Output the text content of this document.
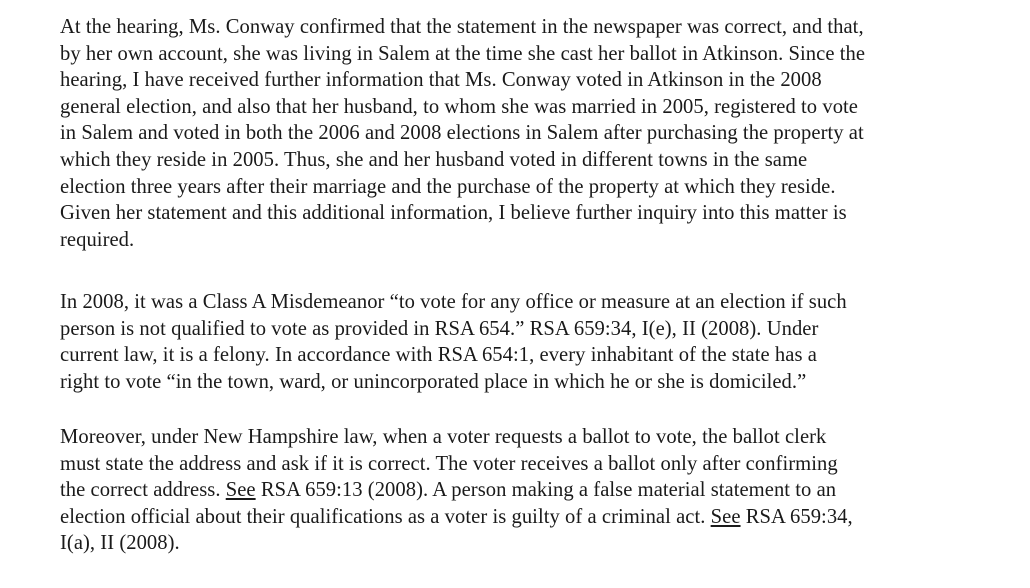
At the hearing, Ms. Conway confirmed that the statement in the newspaper was correct, and that,
by her own account, she was living in Salem at the time she cast her ballot in Atkinson. Since the
hearing, I have received further information that Ms. Conway voted in Atkinson in the 2008
general election, and also that her husband, to whom she was married in 2005, registered to vote
in Salem and voted in both the 2006 and 2008 elections in Salem after purchasing the property at
which they reside in 2005. Thus, she and her husband voted in different towns in the same
election three years after their marriage and the purchase of the property at which they reside.
Given her statement and this additional information, I believe further inquiry into this matter is
required.

In 2008, it was a Class A Misdemeanor “to vote for any office or measure at an election if such
person is not qualified to vote as provided in RSA 654.” RSA 659:34, I(e), II (2008). Under
current law, it is a felony. In accordance with RSA 654:1, every inhabitant of the state has a
right to vote “in the town, ward, or unincorporated place in which he or she is domiciled.”

Moreover, under New Hampshire law, when a voter requests a ballot to vote, the ballot clerk
must state the address and ask if it is correct. The voter receives a ballot only after confirming
the correct address. See RSA 659:13 (2008). A person making a false material statement to an
election official about their qualifications as a voter is guilty of a criminal act. See RSA 659:34,
I(a), II (2008).
